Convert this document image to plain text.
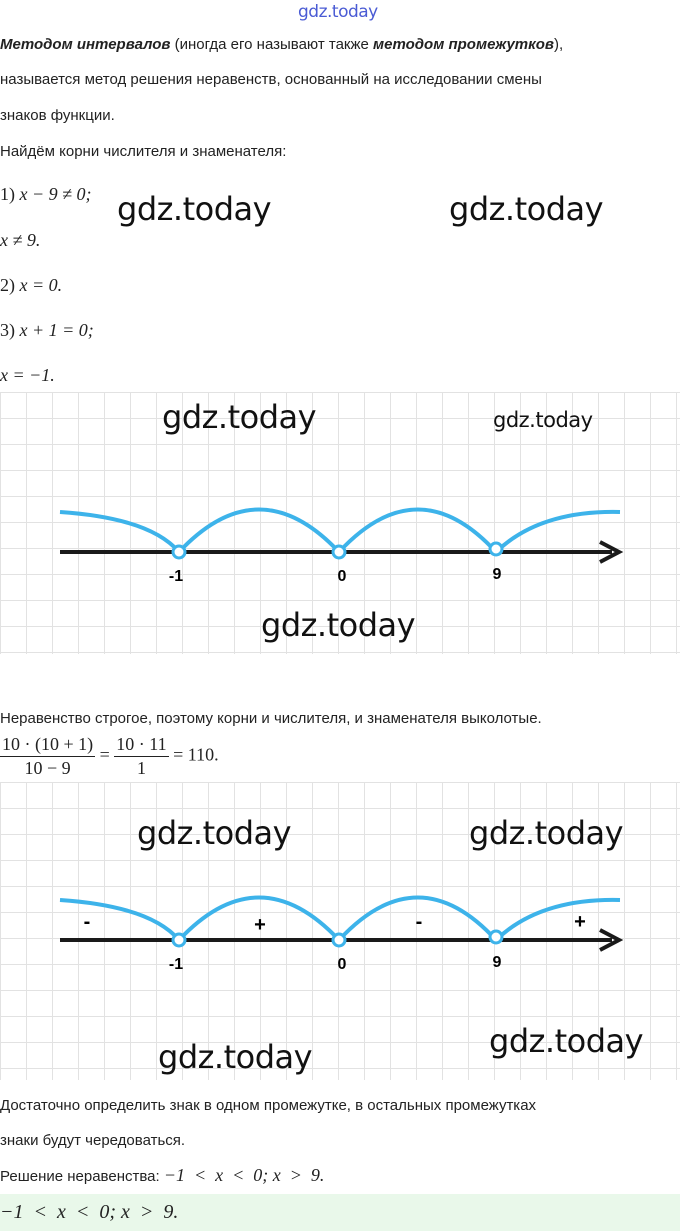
gdz.today
Методом интервалов (иногда его называют также методом промежутков),
называется метод решения неравенств, основанный на исследовании смены
знаков функции.
Найдём корни числителя и знаменателя:
1) x − 9 ≠ 0;
x ≠ 9.
2) x = 0.
3) x + 1 = 0;
x = −1.
gdz.today	gdz.today
-1	0	9
gdz.today	gdz.today
gdz.today
Неравенство строгое, поэтому корни и числителя, и знаменателя выколотые.
$\frac{10 \cdot (10 + 1)}{10 - 9} = \frac{10 \cdot 11}{1} = 110$.
-1	0	9
-	+	-	+
gdz.today	gdz.today
gdz.today
gdz.today
Достаточно определить знак в одном промежутке, в остальных промежутках
знаки будут чередоваться.
Решение неравенства: −1  <  x  <  0; x  >  9.
−1  <  x  <  0; x  >  9.
